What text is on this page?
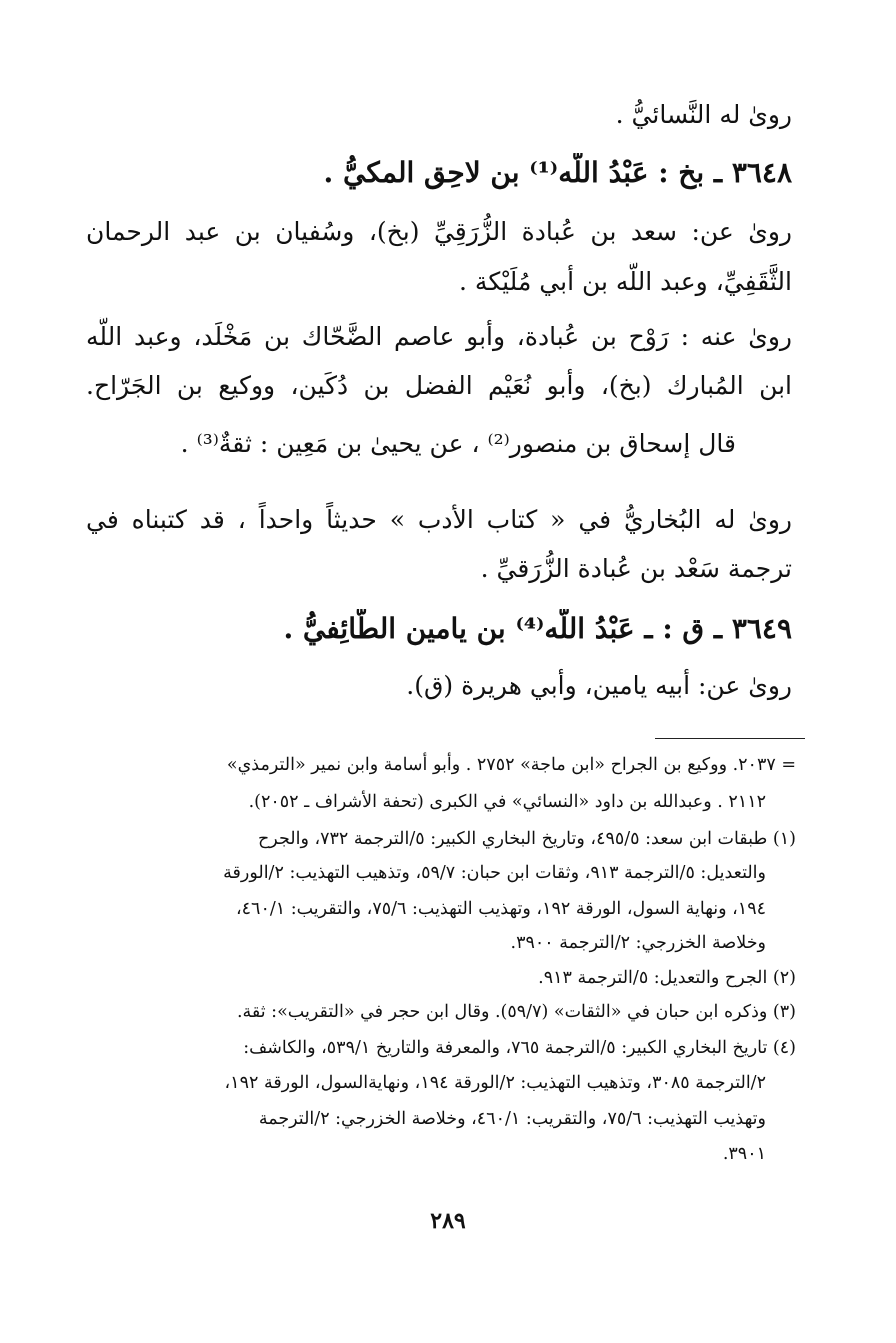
رویٰ له النَّسائيُّ .
٣٦٤٨ ـ بخ : عَبْدُ اللَّه⁽¹⁾ بن لاحِق المكيُّ .
رویٰ عن: سعد بن عُبادة الزُّرَقِيِّ (بخ)، وسُفيان بن عبد الرحمان
الثَّقَفِيِّ، وعبد اللَّه بن أبي مُلَيْكة .
رویٰ عنه : رَوْح بن عُبادة، وأبو عاصم الضَّحّاك بن مَخْلَد، وعبد اللَّه
ابن المُبارك (بخ)، وأبو نُعَيْم الفضل بن دُكَين، ووكيع بن الجَرّاح.
قال إسحاق بن منصور⁽²⁾ ، عن يحيىٰ بن مَعِين : ثقةٌ⁽³⁾ .
رویٰ له البُخاريُّ في « كتاب الأدب » حديثاً واحداً ، قد كتبناه في
ترجمة سَعْد بن عُبادة الزُّرَقيِّ .
٣٦٤٩ ـ ق : ـ عَبْدُ اللَّه⁽⁴⁾ بن يامين الطَّائِفيُّ .
رویٰ عن: أبيه يامين، وأبي هريرة (ق).
= ٢٠٣٧. ووكيع بن الجراح «ابن ماجة» ٢٧٥٢ . وأبو أسامة وابن نمير «الترمذي»
٢١١٢ . وعبدالله بن داود «النسائي» في الكبرى (تحفة الأشراف ـ ٢٠٥٢).
(١) طبقات ابن سعد: ٤٩٥/٥، وتاريخ البخاري الكبير: ٥/الترجمة ٧٣٢، والجرح
والتعديل: ٥/الترجمة ٩١٣، وثقات ابن حبان: ٥٩/٧، وتذهيب التهذيب: ٢/الورقة
١٩٤، ونهاية السول، الورقة ١٩٢، وتهذيب التهذيب: ٧٥/٦، والتقريب: ٤٦٠/١،
وخلاصة الخزرجي: ٢/الترجمة ٣٩٠٠.
(٢) الجرح والتعديل: ٥/الترجمة ٩١٣.
(٣) وذكره ابن حبان في «الثقات» (٥٩/٧). وقال ابن حجر في «التقريب»: ثقة.
(٤) تاريخ البخاري الكبير: ٥/الترجمة ٧٦٥، والمعرفة والتاريخ ٥٣٩/١، والكاشف:
٢/الترجمة ٣٠٨٥، وتذهيب التهذيب: ٢/الورقة ١٩٤، ونهايةالسول، الورقة ١٩٢،
وتهذيب التهذيب: ٧٥/٦، والتقريب: ٤٦٠/١، وخلاصة الخزرجي: ٢/الترجمة
٣٩٠١.
٢٨٩
